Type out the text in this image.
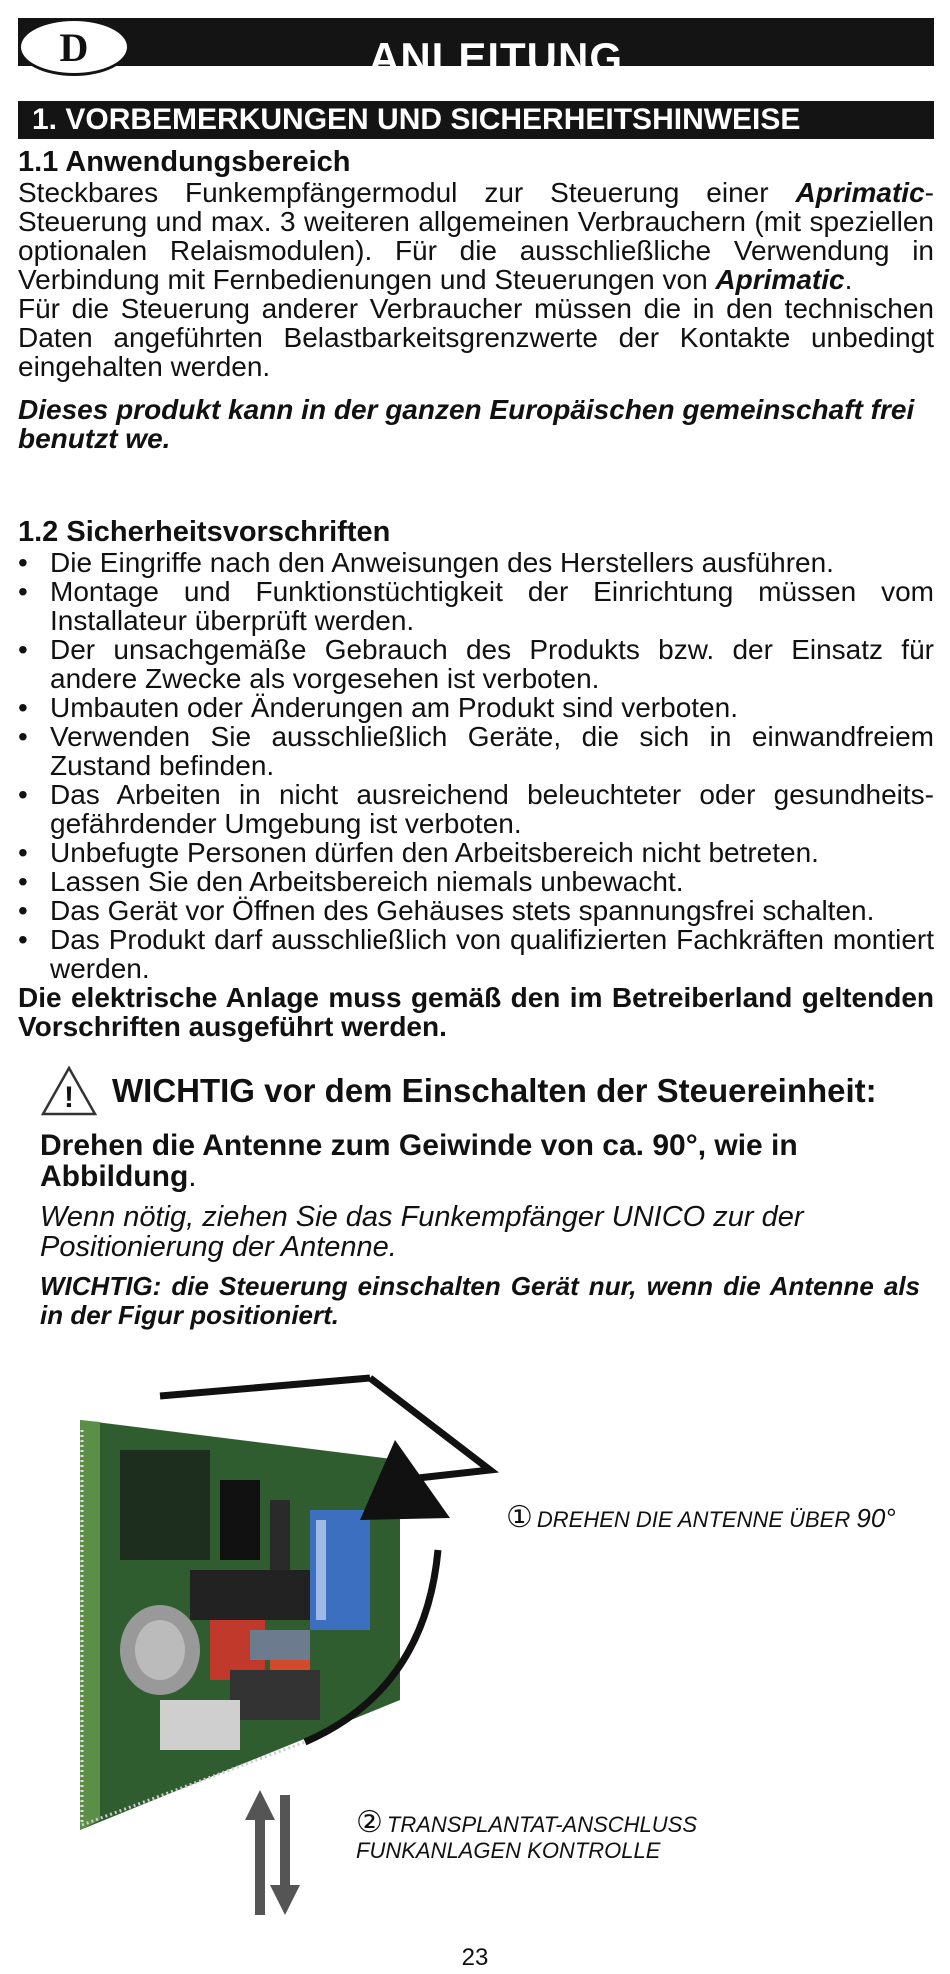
ANLEITUNG
D
1. VORBEMERKUNGEN UND SICHERHEITSHINWEISE
1.1 Anwendungsbereich

Steckbares Funkempfängermodul zur Steuerung einer Aprimatic-Steuerung und max. 3 weiteren allgemeinen Verbrauchern (mit speziellen optionalen Relaismodulen). Für die ausschließliche Verwendung in Verbindung mit Fernbedienungen und Steuerungen von Aprimatic.

Für die Steuerung anderer Verbraucher müssen die in den technischen Daten angeführten Belastbarkeitsgrenzwerte der Kontakte unbedingt eingehalten werden.

Dieses produkt kann in der ganzen Europäischen gemeinschaft frei benutzt we.

1.2 Sicherheitsvorschriften
• Die Eingriffe nach den Anweisungen des Herstellers ausführen.
• Montage und Funktionstüchtigkeit der Einrichtung müssen vom Installateur überprüft werden.
• Der unsachgemäße Gebrauch des Produkts bzw. der Einsatz für andere Zwecke als vorgesehen ist verboten.
• Umbauten oder Änderungen am Produkt sind verboten.
• Verwenden Sie ausschließlich Geräte, die sich in einwandfreiem Zustand befinden.
• Das Arbeiten in nicht ausreichend beleuchteter oder gesundheits-gefährdender Umgebung ist verboten.
• Unbefugte Personen dürfen den Arbeitsbereich nicht betreten.
• Lassen Sie den Arbeitsbereich niemals unbewacht.
• Das Gerät vor Öffnen des Gehäuses stets spannungsfrei schalten.
• Das Produkt darf ausschließlich von qualifizierten Fachkräften montiert werden.

Die elektrische Anlage muss gemäß den im Betreiberland geltenden Vorschriften ausgeführt werden.

! WICHTIG vor dem Einschalten der Steuereinheit:

Drehen die Antenne zum Geiwinde von ca. 90°, wie in Abbildung.

Wenn nötig, ziehen Sie das Funkempfänger UNICO zur der Positionierung der Antenne.

WICHTIG: die Steuerung einschalten Gerät nur, wenn die Antenne als in der Figur positioniert.

① DREHEN DIE ANTENNE ÜBER 90°
② TRANSPLANTAT-ANSCHLUSS FUNKANLAGEN KONTROLLE
23
